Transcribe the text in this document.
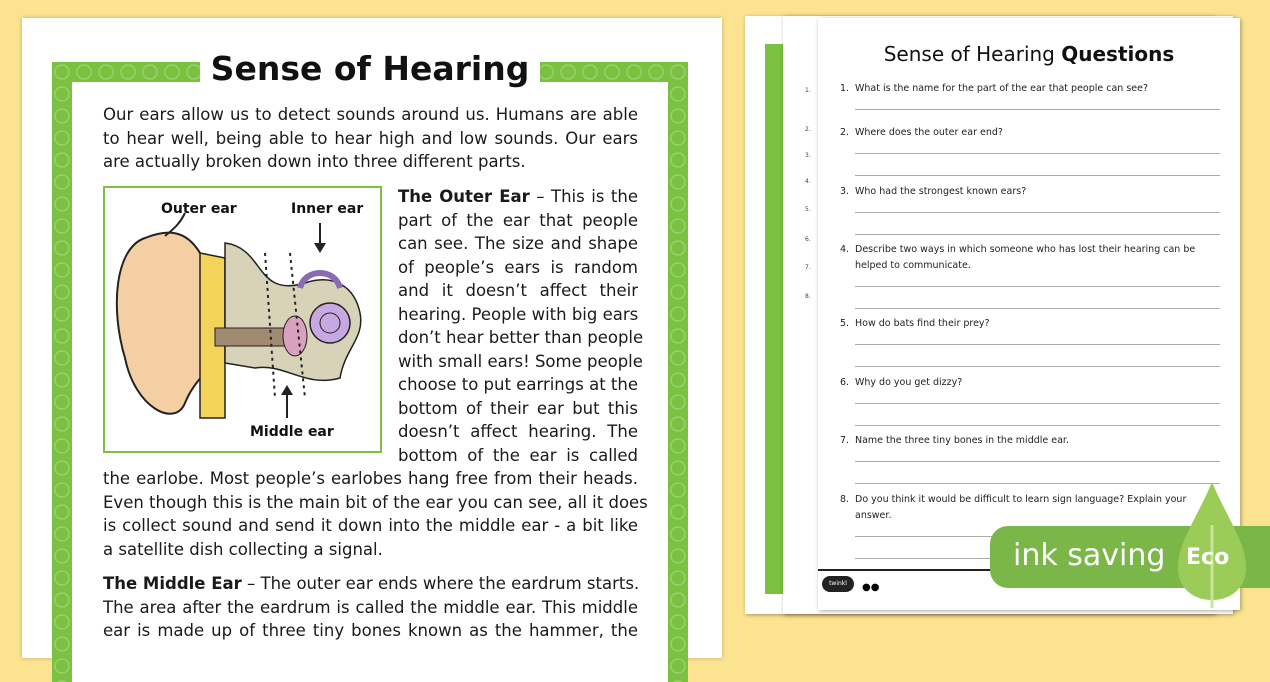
1.
2.
3.
4.
5.
6.
7.
8.
Sense of Hearing Questions
1. What is the name for the part of the ear that people can see?
2. Where does the outer ear end?
3. Who had the strongest known ears?
4. Describe two ways in which someone who has lost their hearing can be
helped to communicate.
5. How do bats find their prey?
6. Why do you get dizzy?
7. Name the three tiny bones in the middle ear.
8. Do you think it would be difficult to learn sign language? Explain your
answer.
twinkl	●●
ink saving Eco
Sense of Hearing
Our ears allow us to detect sounds around us. Humans are able
to hear well, being able to hear high and low sounds. Our ears
are actually broken down into three different parts.
Outer ear	Inner ear
Middle ear
The Outer Ear – This is the
part of the ear that people
can see. The size and shape
of people’s ears is random
and it doesn’t affect their
hearing. People with big ears
don’t hear better than people
with small ears! Some people
choose to put earrings at the
bottom of their ear but this
doesn’t affect hearing. The
bottom of the ear is called
the earlobe. Most people’s earlobes hang free from their heads.
Even though this is the main bit of the ear you can see, all it does
is collect sound and send it down into the middle ear - a bit like
a satellite dish collecting a signal.
The Middle Ear – The outer ear ends where the eardrum starts.
The area after the eardrum is called the middle ear. This middle
ear is made up of three tiny bones known as the hammer, the
